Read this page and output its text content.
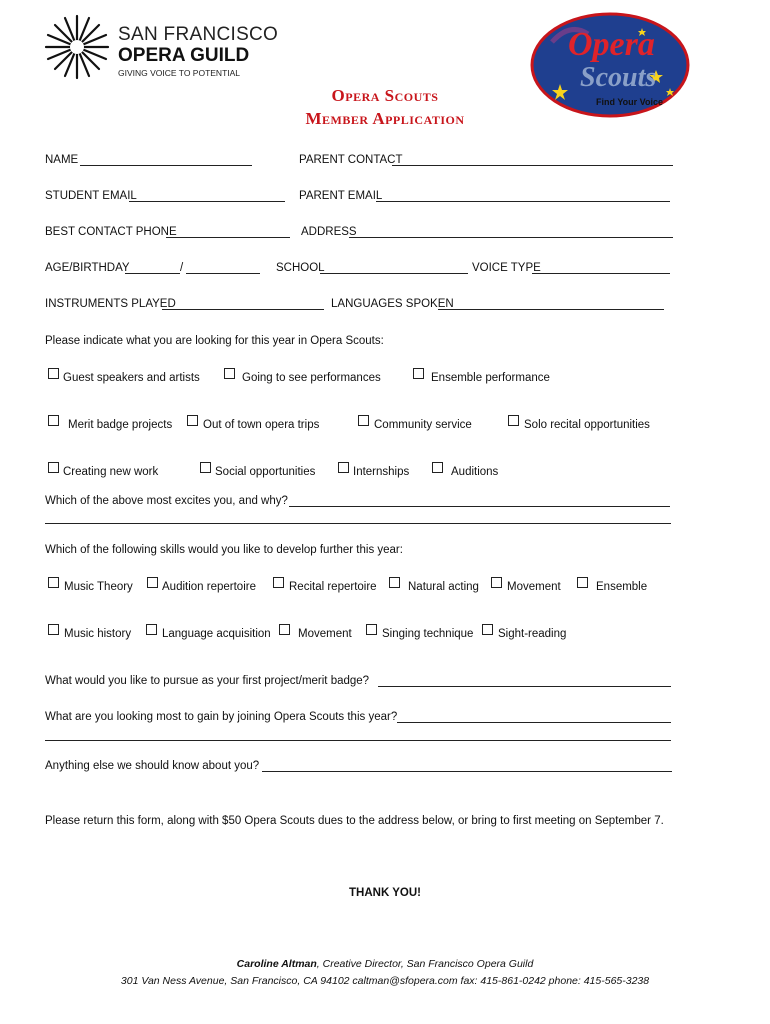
SAN FRANCISCO
OPERA GUILD
GIVING VOICE TO POTENTIAL
Opera
Scouts
Find Your Voice
Opera Scouts
Member Application
NAME	PARENT CONTACT
STUDENT EMAIL	PARENT EMAIL
BEST CONTACT PHONE	ADDRESS
AGE/BIRTHDAY	/	SCHOOL	VOICE TYPE
INSTRUMENTS PLAYED	LANGUAGES SPOKEN
Please indicate what you are looking for this year in Opera Scouts:
Guest speakers and artists	Going to see performances	Ensemble performance
Merit badge projects	Out of town opera trips	Community service	Solo recital opportunities
Creating new work	Social opportunities	Internships	Auditions
Which of the above most excites you, and why?
Which of the following skills would you like to develop further this year:
Music Theory	Audition repertoire	Recital repertoire	Natural acting Movement	Ensemble
Music history	Language acquisition Movement	Singing technique Sight-reading
What would you like to pursue as your first project/merit badge?
What are you looking most to gain by joining Opera Scouts this year?
Anything else we should know about you?
Please return this form, along with $50 Opera Scouts dues to the address below, or bring to first meeting on September 7.
THANK YOU!
Caroline Altman, Creative Director, San Francisco Opera Guild
301 Van Ness Avenue, San Francisco, CA 94102 caltman@sfopera.com fax: 415-861-0242 phone: 415-565-3238
